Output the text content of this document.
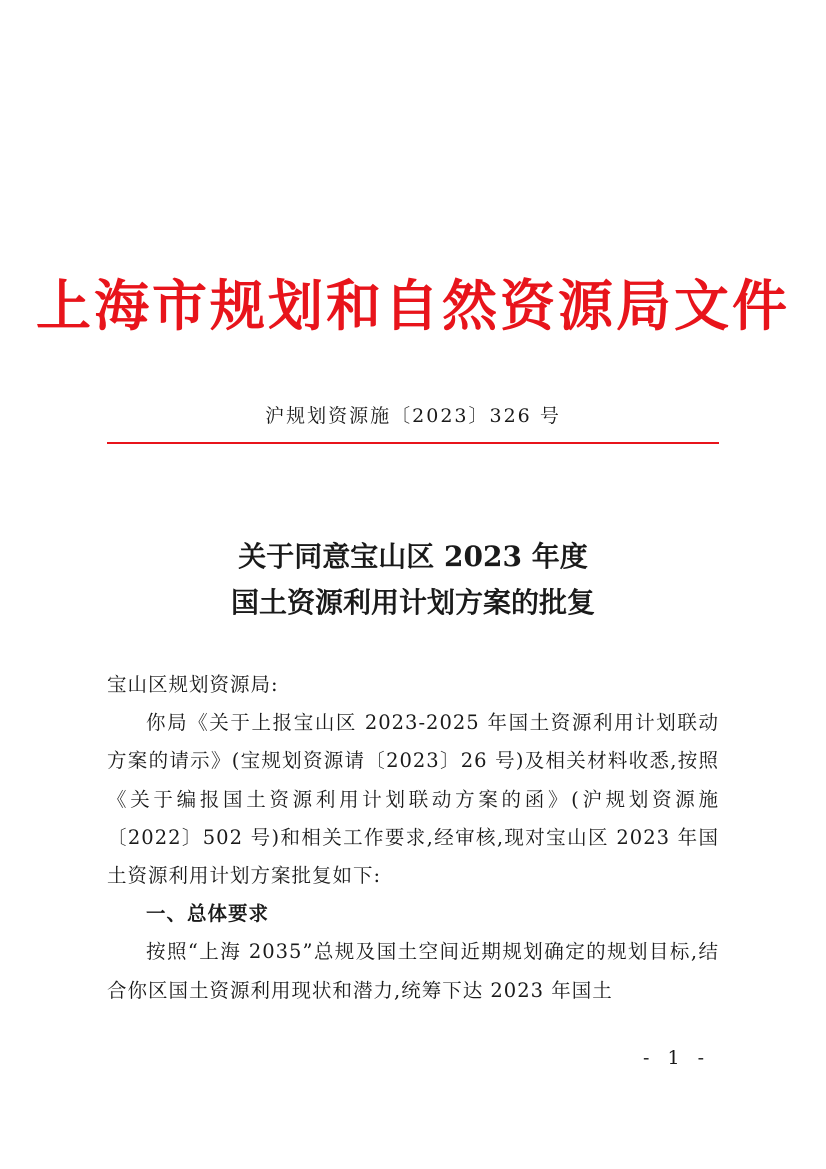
上海市规划和自然资源局文件
沪规划资源施〔2023〕326 号
关于同意宝山区 2023 年度
国土资源利用计划方案的批复

宝山区规划资源局:

你局《关于上报宝山区 2023-2025 年国土资源利用计划联动方案的请示》(宝规划资源请〔2023〕26 号)及相关材料收悉,按照《关于编报国土资源利用计划联动方案的函》(沪规划资源施〔2022〕502 号)和相关工作要求,经审核,现对宝山区 2023 年国土资源利用计划方案批复如下:

一、总体要求

按照“上海 2035”总规及国土空间近期规划确定的规划目标,结合你区国土资源利用现状和潜力,统筹下达 2023 年国土

- 1 -
